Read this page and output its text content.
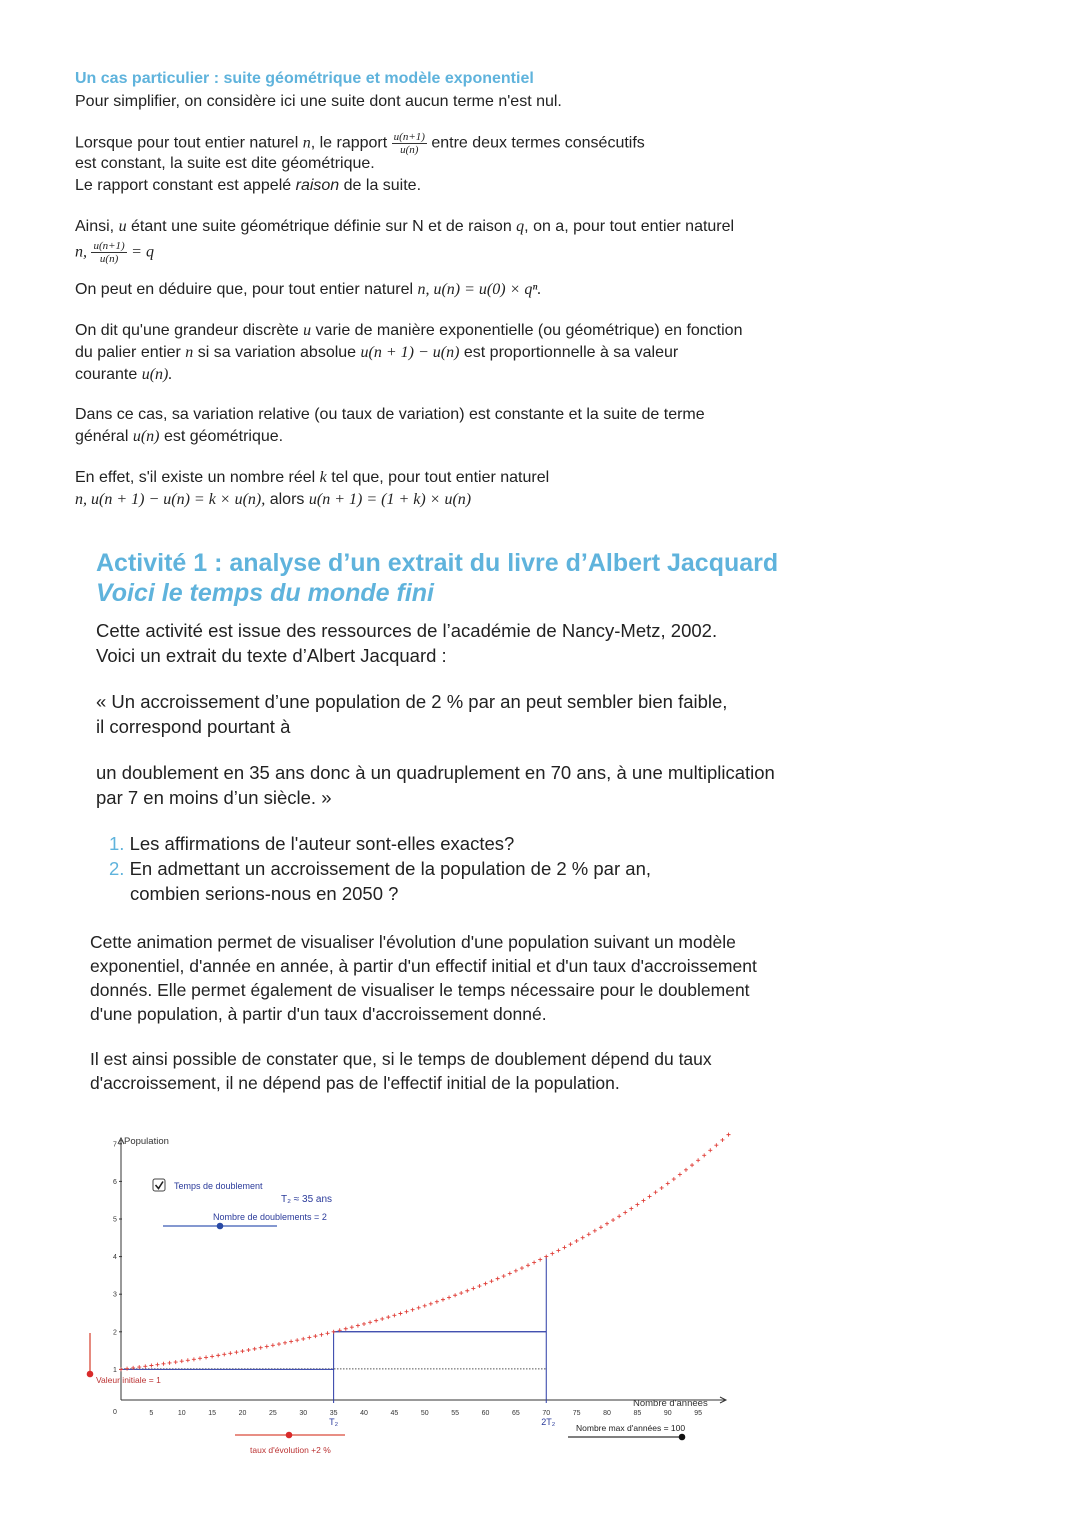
Un cas particulier : suite géométrique et modèle exponentiel
Pour simplifier, on considère ici une suite dont aucun terme n'est nul.
Lorsque pour tout entier naturel n, le rapport $\frac{u(n+1)}{u(n)}$ entre deux termes consécutifs
est constant, la suite est dite géométrique.
Le rapport constant est appelé raison de la suite.
Ainsi, u étant une suite géométrique définie sur N et de raison q, on a, pour tout entier naturel
n, $\frac{u(n+1)}{u(n)} = q$
On peut en déduire que, pour tout entier naturel n, u(n) = u(0) × qⁿ.
On dit qu'une grandeur discrète u varie de manière exponentielle (ou géométrique) en fonction
du palier entier n si sa variation absolue u(n + 1) − u(n) est proportionnelle à sa valeur
courante u(n).
Dans ce cas, sa variation relative (ou taux de variation) est constante et la suite de terme
général u(n) est géométrique.
En effet, s'il existe un nombre réel k tel que, pour tout entier naturel
n, u(n + 1) − u(n) = k × u(n), alors u(n + 1) = (1 + k) × u(n)
Activité 1 : analyse d’un extrait du livre d’Albert Jacquard
Voici le temps du monde fini
Cette activité est issue des ressources de l’académie de Nancy-Metz, 2002.
Voici un extrait du texte d’Albert Jacquard :
« Un accroissement d’une population de 2 % par an peut sembler bien faible,
il correspond pourtant à
un doublement en 35 ans donc à un quadruplement en 70 ans, à une multiplication
par 7 en moins d’un siècle. »
1. Les affirmations de l'auteur sont-elles exactes?
2. En admettant un accroissement de la population de 2 % par an,
combien serions-nous en 2050 ?
Cette animation permet de visualiser l'évolution d'une population suivant un modèle
exponentiel, d'année en année, à partir d'un effectif initial et d'un taux d'accroissement
donnés. Elle permet également de visualiser le temps nécessaire pour le doublement
d'une population, à partir d'un taux d'accroissement donné.
Il est ainsi possible de constater que, si le temps de doublement dépend du taux
d'accroissement, il ne dépend pas de l'effectif initial de la population.
Population
Nombre d'années
0
Temps de doublement
T₂ ≈ 35 ans
Nombre de doublements = 2
Valeur initiale = 1
taux d'évolution +2 %
Nombre max d'années = 100
1
2
3
4
5
6
7
5	10	15	20	25	30	35	40	45	50	55	60	65	70	75	80	85	90	95
T₂	2T₂
